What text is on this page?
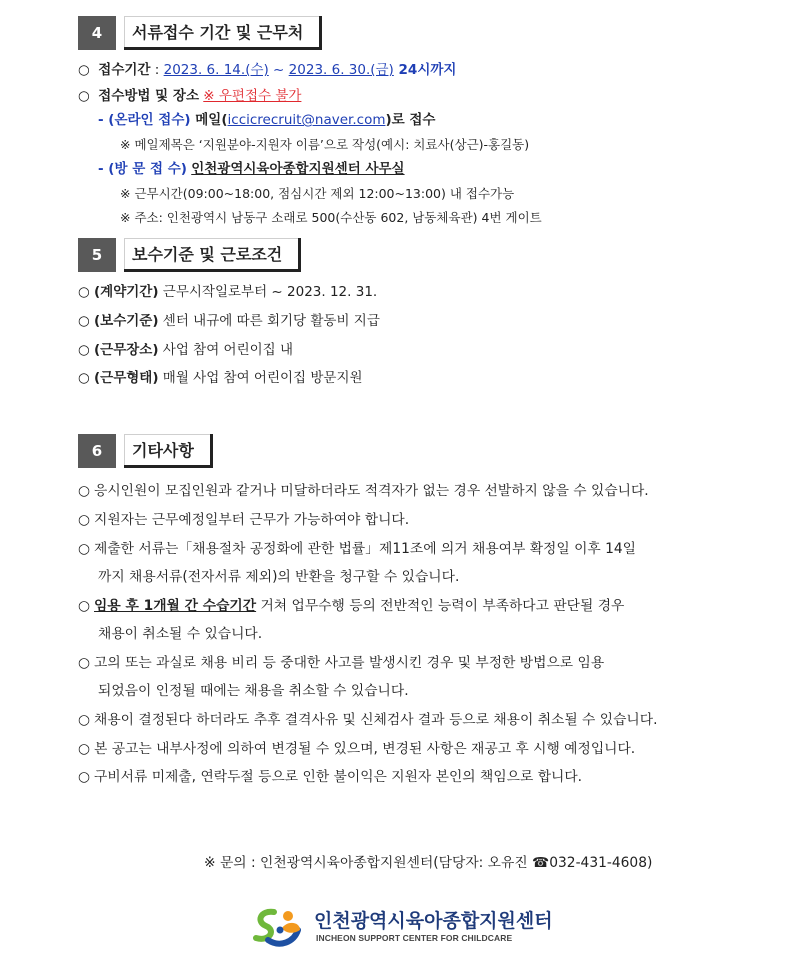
4	서류접수 기간 및 근무처
○ 접수기간 : 2023. 6. 14.(수) ~ 2023. 6. 30.(금) 24시까지
○ 접수방법 및 장소 ※ 우편접수 불가
- (온라인 접수) 메일(iccicrecruit@naver.com)로 접수
※ 메일제목은 ‘지원분야-지원자 이름’으로 작성(예시: 치료사(상근)-홍길동)
- (방 문 접 수) 인천광역시육아종합지원센터 사무실
※ 근무시간(09:00~18:00, 점심시간 제외 12:00~13:00) 내 접수가능
※ 주소: 인천광역시 남동구 소래로 500(수산동 602, 남동체육관) 4번 게이트
5	보수기준 및 근로조건
○ (계약기간) 근무시작일로부터 ~ 2023. 12. 31.
○ (보수기준) 센터 내규에 따른 회기당 활동비 지급
○ (근무장소) 사업 참여 어린이집 내
○ (근무형태) 매월 사업 참여 어린이집 방문지원
6	기타사항
○ 응시인원이 모집인원과 같거나 미달하더라도 적격자가 없는 경우 선발하지 않을 수 있습니다.
○ 지원자는 근무예정일부터 근무가 가능하여야 합니다.
○ 제출한 서류는「채용절차 공정화에 관한 법률」제11조에 의거 채용여부 확정일 이후 14일
까지 채용서류(전자서류 제외)의 반환을 청구할 수 있습니다.
○ 임용 후 1개월 간 수습기간 거쳐 업무수행 등의 전반적인 능력이 부족하다고 판단될 경우
채용이 취소될 수 있습니다.
○ 고의 또는 과실로 채용 비리 등 중대한 사고를 발생시킨 경우 및 부정한 방법으로 임용
되었음이 인정될 때에는 채용을 취소할 수 있습니다.
○ 채용이 결정된다 하더라도 추후 결격사유 및 신체검사 결과 등으로 채용이 취소될 수 있습니다.
○ 본 공고는 내부사정에 의하여 변경될 수 있으며, 변경된 사항은 재공고 후 시행 예정입니다.
○ 구비서류 미제출, 연락두절 등으로 인한 불이익은 지원자 본인의 책임으로 합니다.
※ 문의 : 인천광역시육아종합지원센터(담당자: 오유진 ☎032-431-4608)
인천광역시육아종합지원센터
INCHEON SUPPORT CENTER FOR CHILDCARE
